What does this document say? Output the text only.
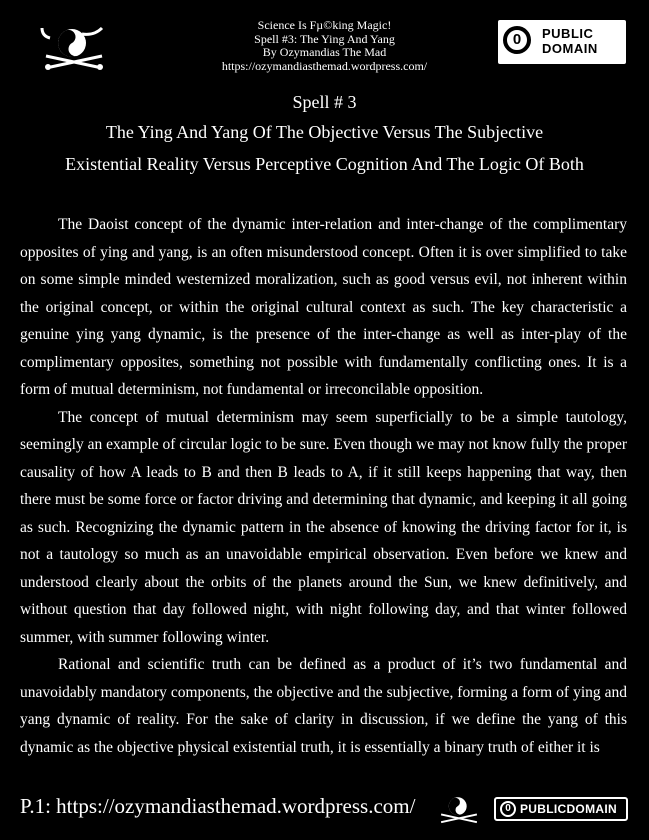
Science Is Fµ©king Magic!
Spell #3: The Ying And Yang
By Ozymandias The Mad
https://ozymandiasthemad.wordpress.com/
0	PUBLIC
DOMAIN
Spell # 3
The Ying And Yang Of The Objective Versus The Subjective
Existential Reality Versus Perceptive Cognition And The Logic Of Both

The Daoist concept of the dynamic inter-relation and inter-change of the complimentary opposites of ying and yang, is an often misunderstood concept. Often it is over simplified to take on some simple minded westernized moralization, such as good versus evil, not inherent within the original concept, or within the original cultural context as such. The key characteristic a genuine ying yang dynamic, is the presence of the inter-change as well as inter-play of the complimentary opposites, something not possible with fundamentally conflicting ones. It is a form of mutual determinism, not fundamental or irreconcilable opposition.

The concept of mutual determinism may seem superficially to be a simple tautology, seemingly an example of circular logic to be sure. Even though we may not know fully the proper causality of how A leads to B and then B leads to A, if it still keeps happening that way, then there must be some force or factor driving and determining that dynamic, and keeping it all going as such. Recognizing the dynamic pattern in the absence of knowing the driving factor for it, is not a tautology so much as an unavoidable empirical observation. Even before we knew and understood clearly about the orbits of the planets around the Sun, we knew definitively, and without question that day followed night, with night following day, and that winter followed summer, with summer following winter.

Rational and scientific truth can be defined as a product of it’s two fundamental and unavoidably mandatory components, the objective and the subjective, forming a form of ying and yang dynamic of reality. For the sake of clarity in discussion, if we define the yang of this dynamic as the objective physical existential truth, it is essentially a binary truth of either it is

P.1: https://ozymandiasthemad.wordpress.com/	0 PUBLICDOMAIN
